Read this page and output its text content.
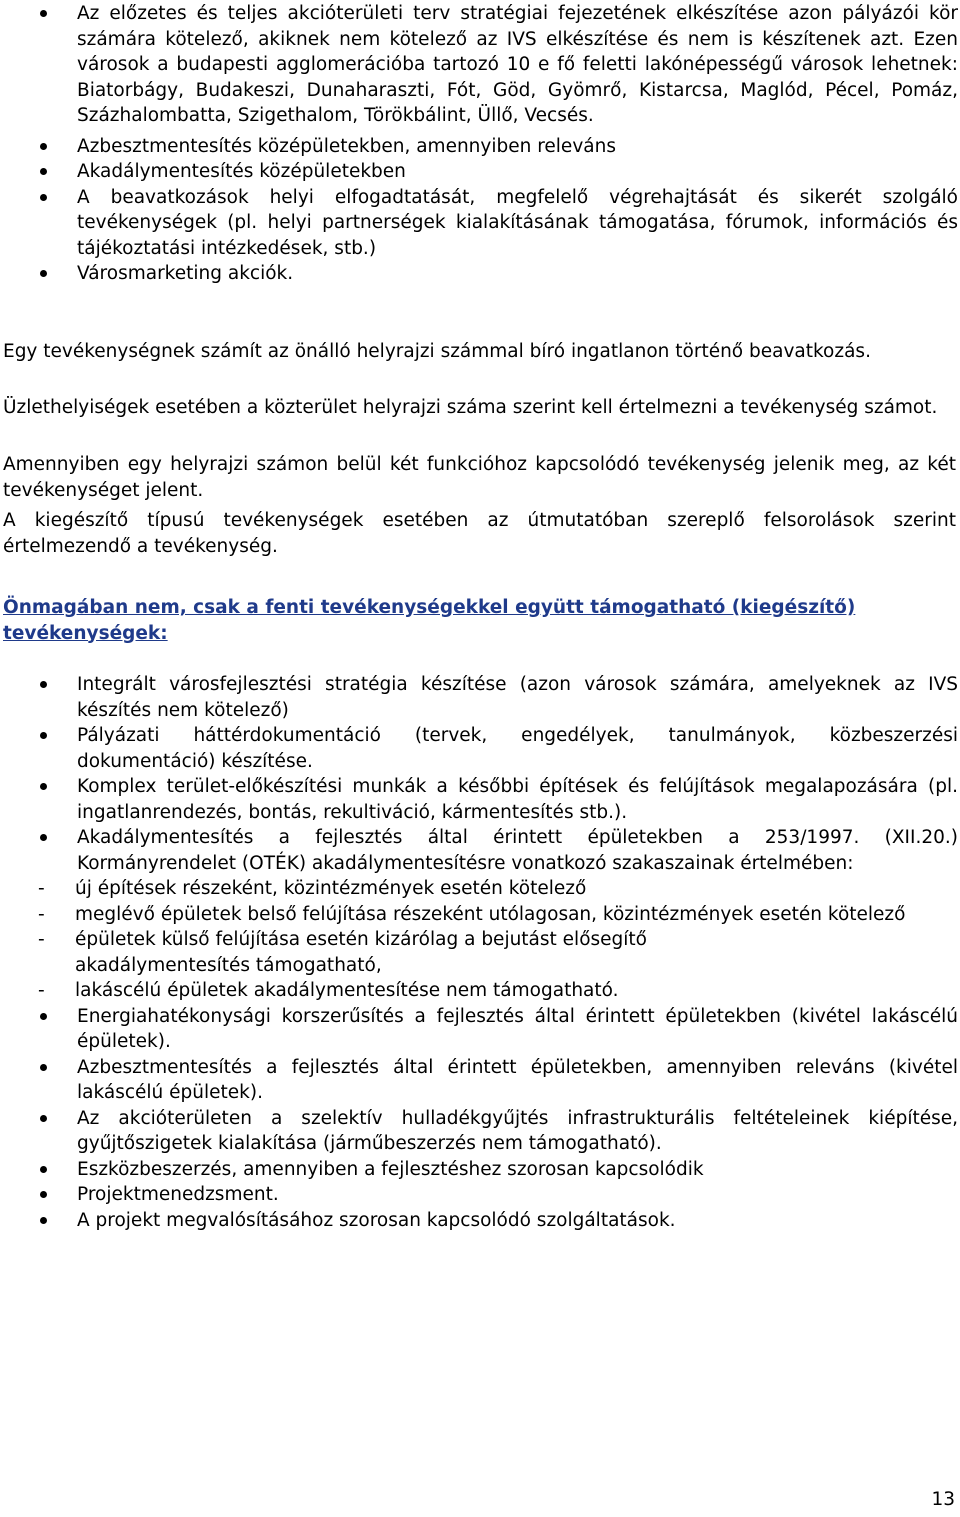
Az előzetes és teljes akcióterületi terv stratégiai fejezetének elkészítése azon pályázói kör számára kötelező, akiknek nem kötelező az IVS elkészítése és nem is készítenek azt. Ezen városok a budapesti agglomerációba tartozó 10 e fő feletti lakónépességű városok lehetnek: Biatorbágy, Budakeszi, Dunaharaszti, Fót, Göd, Gyömrő, Kistarcsa, Maglód, Pécel, Pomáz, Százhalombatta, Szigethalom, Törökbálint, Üllő, Vecsés.
Azbesztmentesítés középületekben, amennyiben releváns
Akadálymentesítés középületekben
A beavatkozások helyi elfogadtatását, megfelelő végrehajtását és sikerét szolgáló tevékenységek (pl. helyi partnerségek kialakításának támogatása, fórumok, információs és tájékoztatási intézkedések, stb.)
Városmarketing akciók.

Egy tevékenységnek számít az önálló helyrajzi számmal bíró ingatlanon történő beavatkozás.

Üzlethelyiségek esetében a közterület helyrajzi száma szerint kell értelmezni a tevékenység számot.

Amennyiben egy helyrajzi számon belül két funkcióhoz kapcsolódó tevékenység jelenik meg, az két tevékenységet jelent.

A kiegészítő típusú tevékenységek esetében az útmutatóban szereplő felsorolások szerint értelmezendő a tevékenység.

Önmagában nem, csak a fenti tevékenységekkel együtt támogatható (kiegészítő) tevékenységek:
Integrált városfejlesztési stratégia készítése (azon városok számára, amelyeknek az IVS készítés nem kötelező)
Pályázati háttérdokumentáció (tervek, engedélyek, tanulmányok, közbeszerzési dokumentáció) készítése.
Komplex terület-előkészítési munkák a későbbi építések és felújítások megalapozására (pl. ingatlanrendezés, bontás, rekultiváció, kármentesítés stb.).
Akadálymentesítés a fejlesztés által érintett épületekben a 253/1997. (XII.20.) Kormányrendelet (OTÉK) akadálymentesítésre vonatkozó szakaszainak értelmében:
- új építések részeként, közintézmények esetén kötelező
- meglévő épületek belső felújítása részeként utólagosan, közintézmények esetén kötelező
- épületek külső felújítása esetén kizárólag a bejutást elősegítő akadálymentesítés támogatható,
- lakáscélú épületek akadálymentesítése nem támogatható.
Energiahatékonysági korszerűsítés a fejlesztés által érintett épületekben (kivétel lakáscélú épületek).
Azbesztmentesítés a fejlesztés által érintett épületekben, amennyiben releváns (kivétel lakáscélú épületek).
Az akcióterületen a szelektív hulladékgyűjtés infrastrukturális feltételeinek kiépítése, gyűjtőszigetek kialakítása (járműbeszerzés nem támogatható).
Eszközbeszerzés, amennyiben a fejlesztéshez szorosan kapcsolódik
Projektmenedzsment.
A projekt megvalósításához szorosan kapcsolódó szolgáltatások.
13
